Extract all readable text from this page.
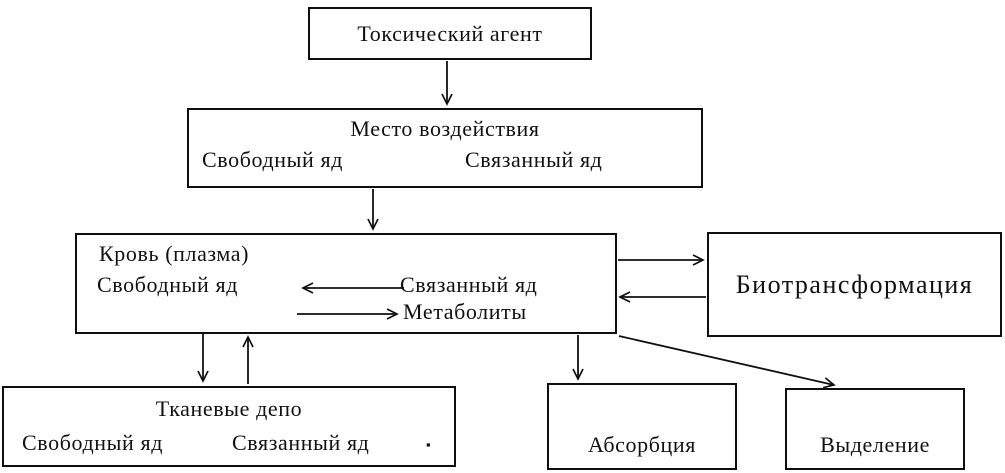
Токсический агент
Место воздействия
Свободный яд	Связанный яд
Кровь (плазма)
Свободный яд	Связанный яд
Метаболиты
Биотрансформация
Тканевые депо
Свободный яд	Связанный яд	Абсорбция	Выделение
▪
